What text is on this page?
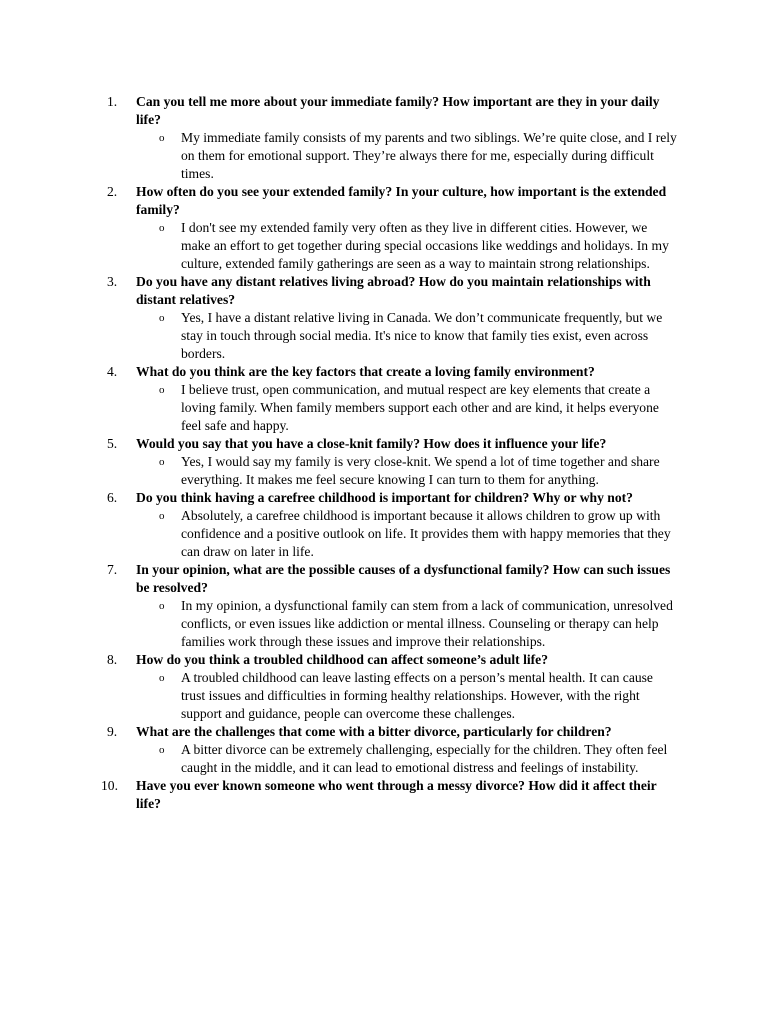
1.	Can you tell me more about your immediate family? How important are they in your daily life?
o My immediate family consists of my parents and two siblings. We’re quite close, and I rely on them for emotional support. They’re always there for me, especially during difficult times.
2.	How often do you see your extended family? In your culture, how important is the extended family?
o I don't see my extended family very often as they live in different cities. However, we make an effort to get together during special occasions like weddings and holidays. In my culture, extended family gatherings are seen as a way to maintain strong relationships.
3.	Do you have any distant relatives living abroad? How do you maintain relationships with distant relatives?
o Yes, I have a distant relative living in Canada. We don’t communicate frequently, but we stay in touch through social media. It's nice to know that family ties exist, even across borders.
4.	What do you think are the key factors that create a loving family environment?
o I believe trust, open communication, and mutual respect are key elements that create a loving family. When family members support each other and are kind, it helps everyone feel safe and happy.
5.	Would you say that you have a close-knit family? How does it influence your life?
o Yes, I would say my family is very close-knit. We spend a lot of time together and share everything. It makes me feel secure knowing I can turn to them for anything.
6.	Do you think having a carefree childhood is important for children? Why or why not?
o Absolutely, a carefree childhood is important because it allows children to grow up with confidence and a positive outlook on life. It provides them with happy memories that they can draw on later in life.
7.	In your opinion, what are the possible causes of a dysfunctional family? How can such issues be resolved?
o In my opinion, a dysfunctional family can stem from a lack of communication, unresolved conflicts, or even issues like addiction or mental illness. Counseling or therapy can help families work through these issues and improve their relationships.
8.	How do you think a troubled childhood can affect someone’s adult life?
o A troubled childhood can leave lasting effects on a person’s mental health. It can cause trust issues and difficulties in forming healthy relationships. However, with the right support and guidance, people can overcome these challenges.
9.	What are the challenges that come with a bitter divorce, particularly for children?
o A bitter divorce can be extremely challenging, especially for the children. They often feel caught in the middle, and it can lead to emotional distress and feelings of instability.
10.	Have you ever known someone who went through a messy divorce? How did it affect their life?
